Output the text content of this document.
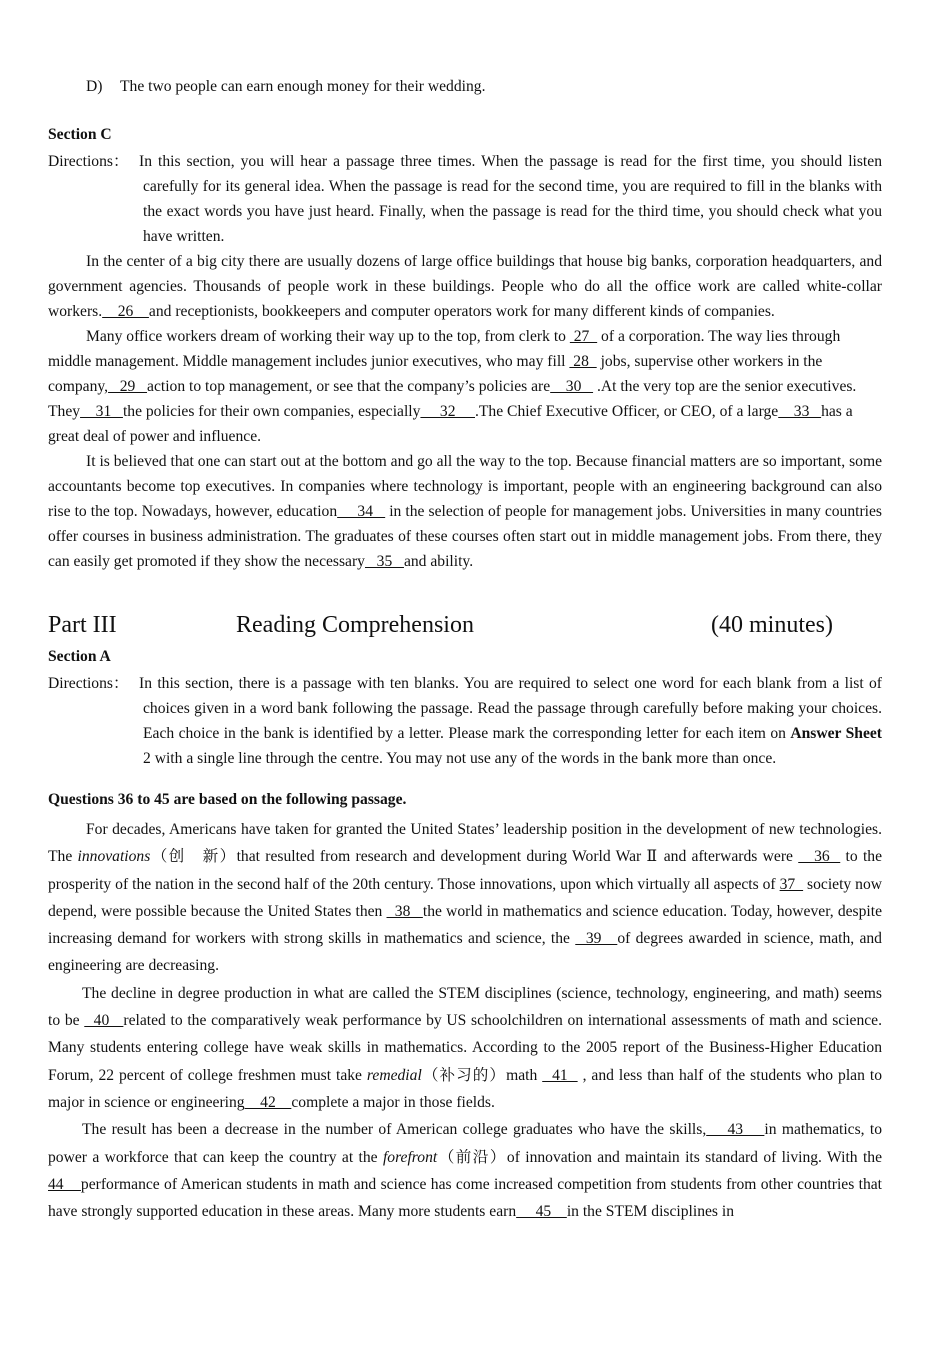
D) The two people can earn enough money for their wedding.

Section C

Directions： In this section, you will hear a passage three times. When the passage is read for the first time, you should listen carefully for its general idea. When the passage is read for the second time, you are required to fill in the blanks with the exact words you have just heard. Finally, when the passage is read for the third time, you should check what you have written.

In the center of a big city there are usually dozens of large office buildings that house big banks, corporation headquarters, and government agencies. Thousands of people work in these buildings. People who do all the office work are called white-collar workers.    26    and receptionists, bookkeepers and computer operators work for many different kinds of companies.

Many office workers dream of working their way up to the top, from clerk to  27   of a corporation. The way lies through middle management. Middle management includes junior executives, who may fill  28   jobs, supervise other workers in the company,   29   action to top management, or see that the company’s policies are    30    .At the very top are the senior executives. They    31   the policies for their own companies, especially     32     .The Chief Executive Officer, or CEO, of a large    33   has a great deal of power and influence.

It is believed that one can start out at the bottom and go all the way to the top. Because financial matters are so important, some accountants become top executives. In companies where technology is important, people with an engineering background can also rise to the top. Nowadays, however, education     34    in the selection of people for management jobs. Universities in many countries offer courses in business administration. The graduates of these courses often start out in middle management jobs. From there, they can easily get promoted if they show the necessary   35   and ability.

Part III	Reading Comprehension	(40 minutes)

Section A

Directions： In this section, there is a passage with ten blanks. You are required to select one word for each blank from a list of choices given in a word bank following the passage. Read the passage through carefully before making your choices. Each choice in the bank is identified by a letter. Please mark the corresponding letter for each item on Answer Sheet 2 with a single line through the centre. You may not use any of the words in the bank more than once.

Questions 36 to 45 are based on the following passage.

For decades, Americans have taken for granted the United States’ leadership position in the development of new technologies. The innovations（创　新）that resulted from research and development during World War Ⅱ and afterwards were    36   to the prosperity of the nation in the second half of the 20th century. Those innovations, upon which virtually all aspects of 37   society now depend, were possible because the United States then   38   the world in mathematics and science education. Today, however, despite increasing demand for workers with strong skills in mathematics and science, the   39   of degrees awarded in science, math, and engineering are decreasing.

The decline in degree production in what are called the STEM disciplines (science, technology, engineering, and math) seems to be   40   related to the comparatively weak performance by US schoolchildren on international assessments of math and science. Many students entering college have weak skills in mathematics. According to the 2005 report of the Business-Higher Education Forum, 22 percent of college freshmen must take remedial（补习的）math   41   , and less than half of the students who plan to major in science or engineering    42    complete a major in those fields.

The result has been a decrease in the number of American college graduates who have the skills,    43    in mathematics, to power a workforce that can keep the country at the forefront（前沿）of innovation and maintain its standard of living. With the 44    performance of American students in math and science has come increased competition from students from other countries that have strongly supported education in these areas. Many more students earn     45    in the STEM disciplines in
